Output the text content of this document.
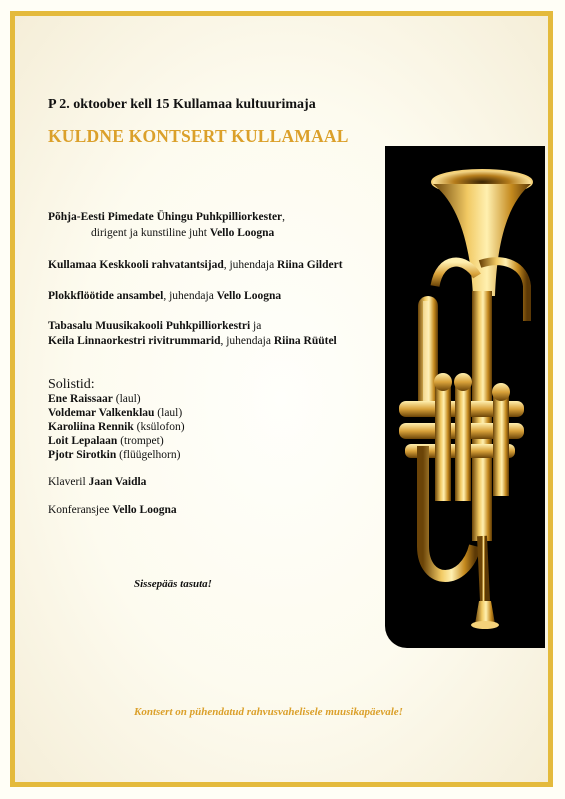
P 2. oktoober kell 15 Kullamaa kultuurimaja
KULDNE KONTSERT KULLAMAAL
Põhja-Eesti Pimedate Ühingu Puhkpilliorkester,
dirigent ja kunstiline juht Vello Loogna
Kullamaa Keskkooli rahvatantsijad, juhendaja Riina Gildert
Plokkflöötide ansambel, juhendaja Vello Loogna
Tabasalu Muusikakooli Puhkpilliorkestri ja
Keila Linnaorkestri rivitrummarid, juhendaja Riina Rüütel
Solistid:
Ene Raissaar (laul)
Voldemar Valkenklau (laul)
Karoliina Rennik (ksülofon)
Loit Lepalaan (trompet)
Pjotr Sirotkin (flüügelhorn)
Klaveril Jaan Vaidla
Konferansjee Vello Loogna
Sissepääs tasuta!
Kontsert on pühendatud rahvusvahelisele muusikapäevale!
